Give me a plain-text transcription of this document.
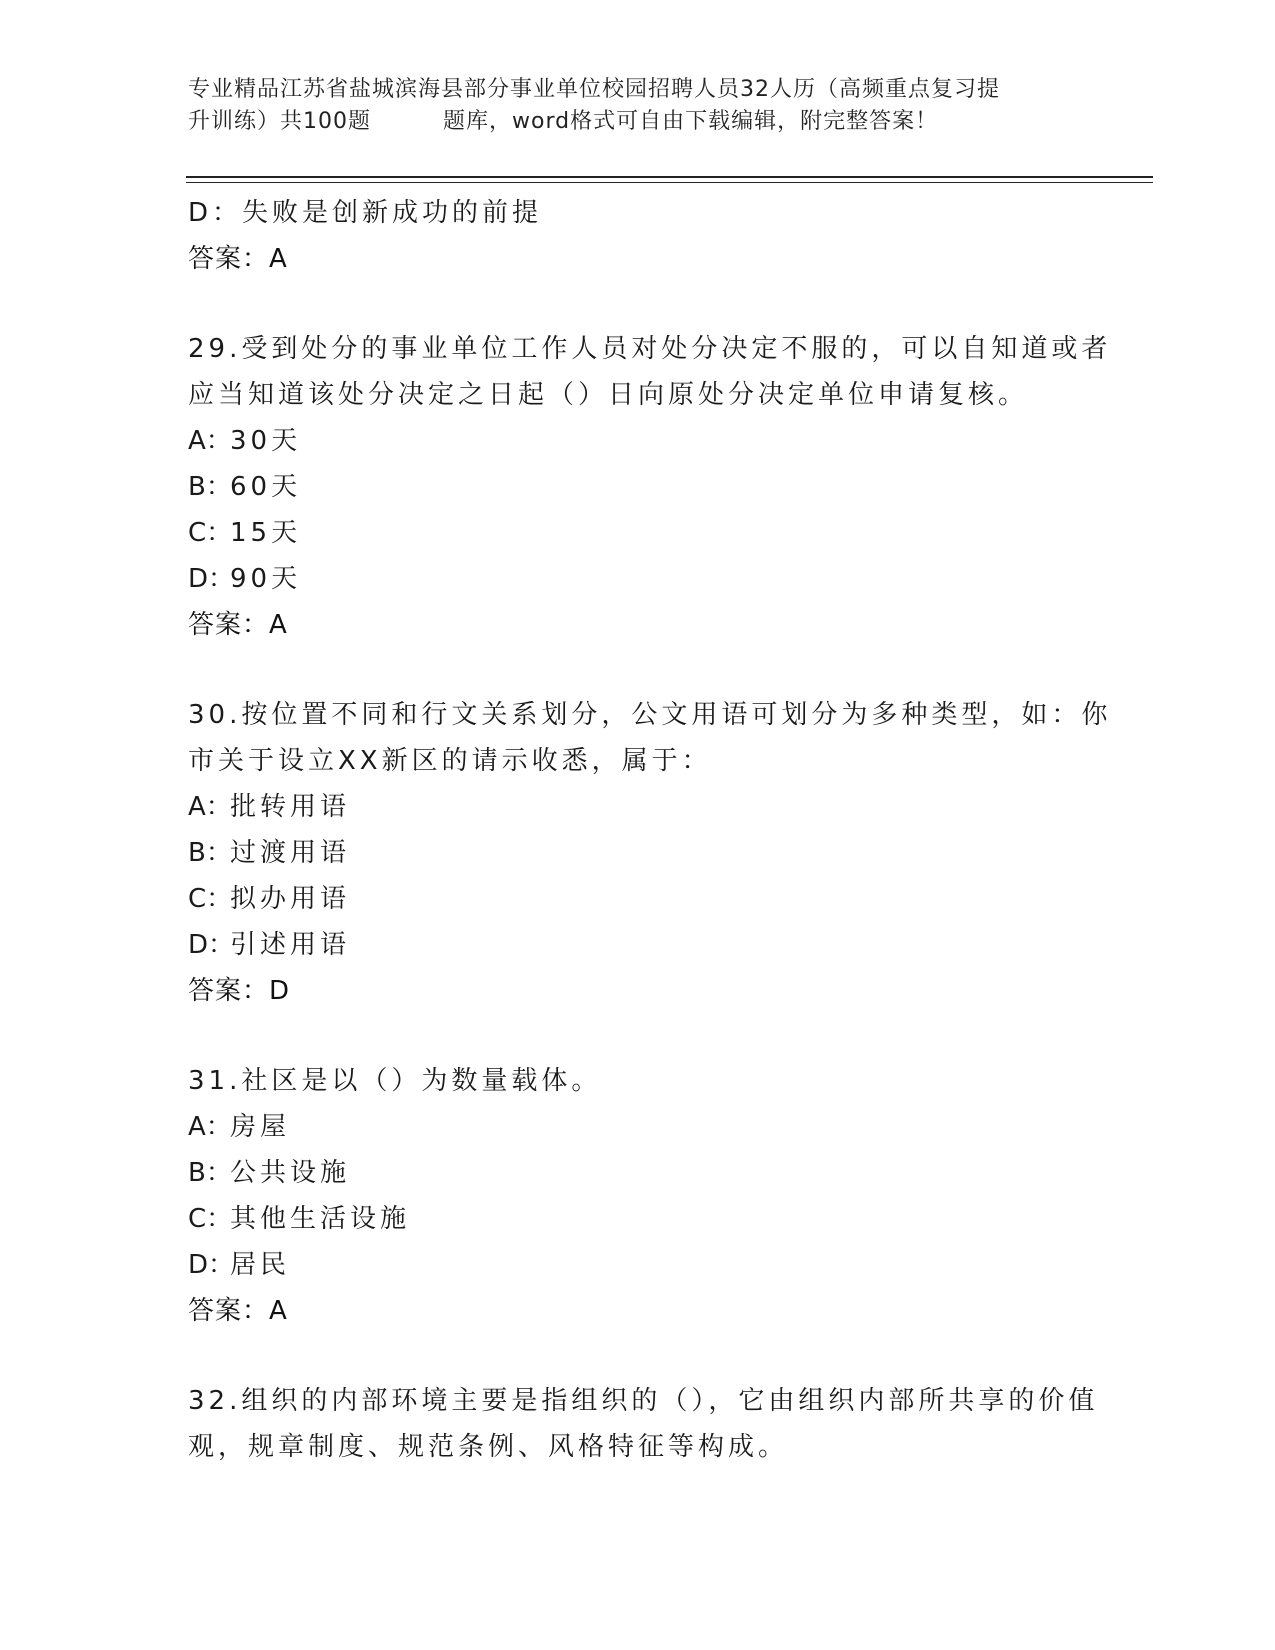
专业精品江苏省盐城滨海县部分事业单位校园招聘人员32人历（高频重点复习提
升训练）共100题	题库，word格式可自由下载编辑，附完整答案！
D：失败是创新成功的前提
答案：A
29.受到处分的事业单位工作人员对处分决定不服的，可以自知道或者
应当知道该处分决定之日起（）日向原处分决定单位申请复核。
A：30天
B：60天
C：15天
D：90天
答案：A
30.按位置不同和行文关系划分，公文用语可划分为多种类型，如：你
市关于设立XX新区的请示收悉，属于：
A：批转用语
B：过渡用语
C：拟办用语
D：引述用语
答案：D
31.社区是以（）为数量载体。
A：房屋
B：公共设施
C：其他生活设施
D：居民
答案：A
32.组织的内部环境主要是指组织的（），它由组织内部所共享的价值
观，规章制度、规范条例、风格特征等构成。
